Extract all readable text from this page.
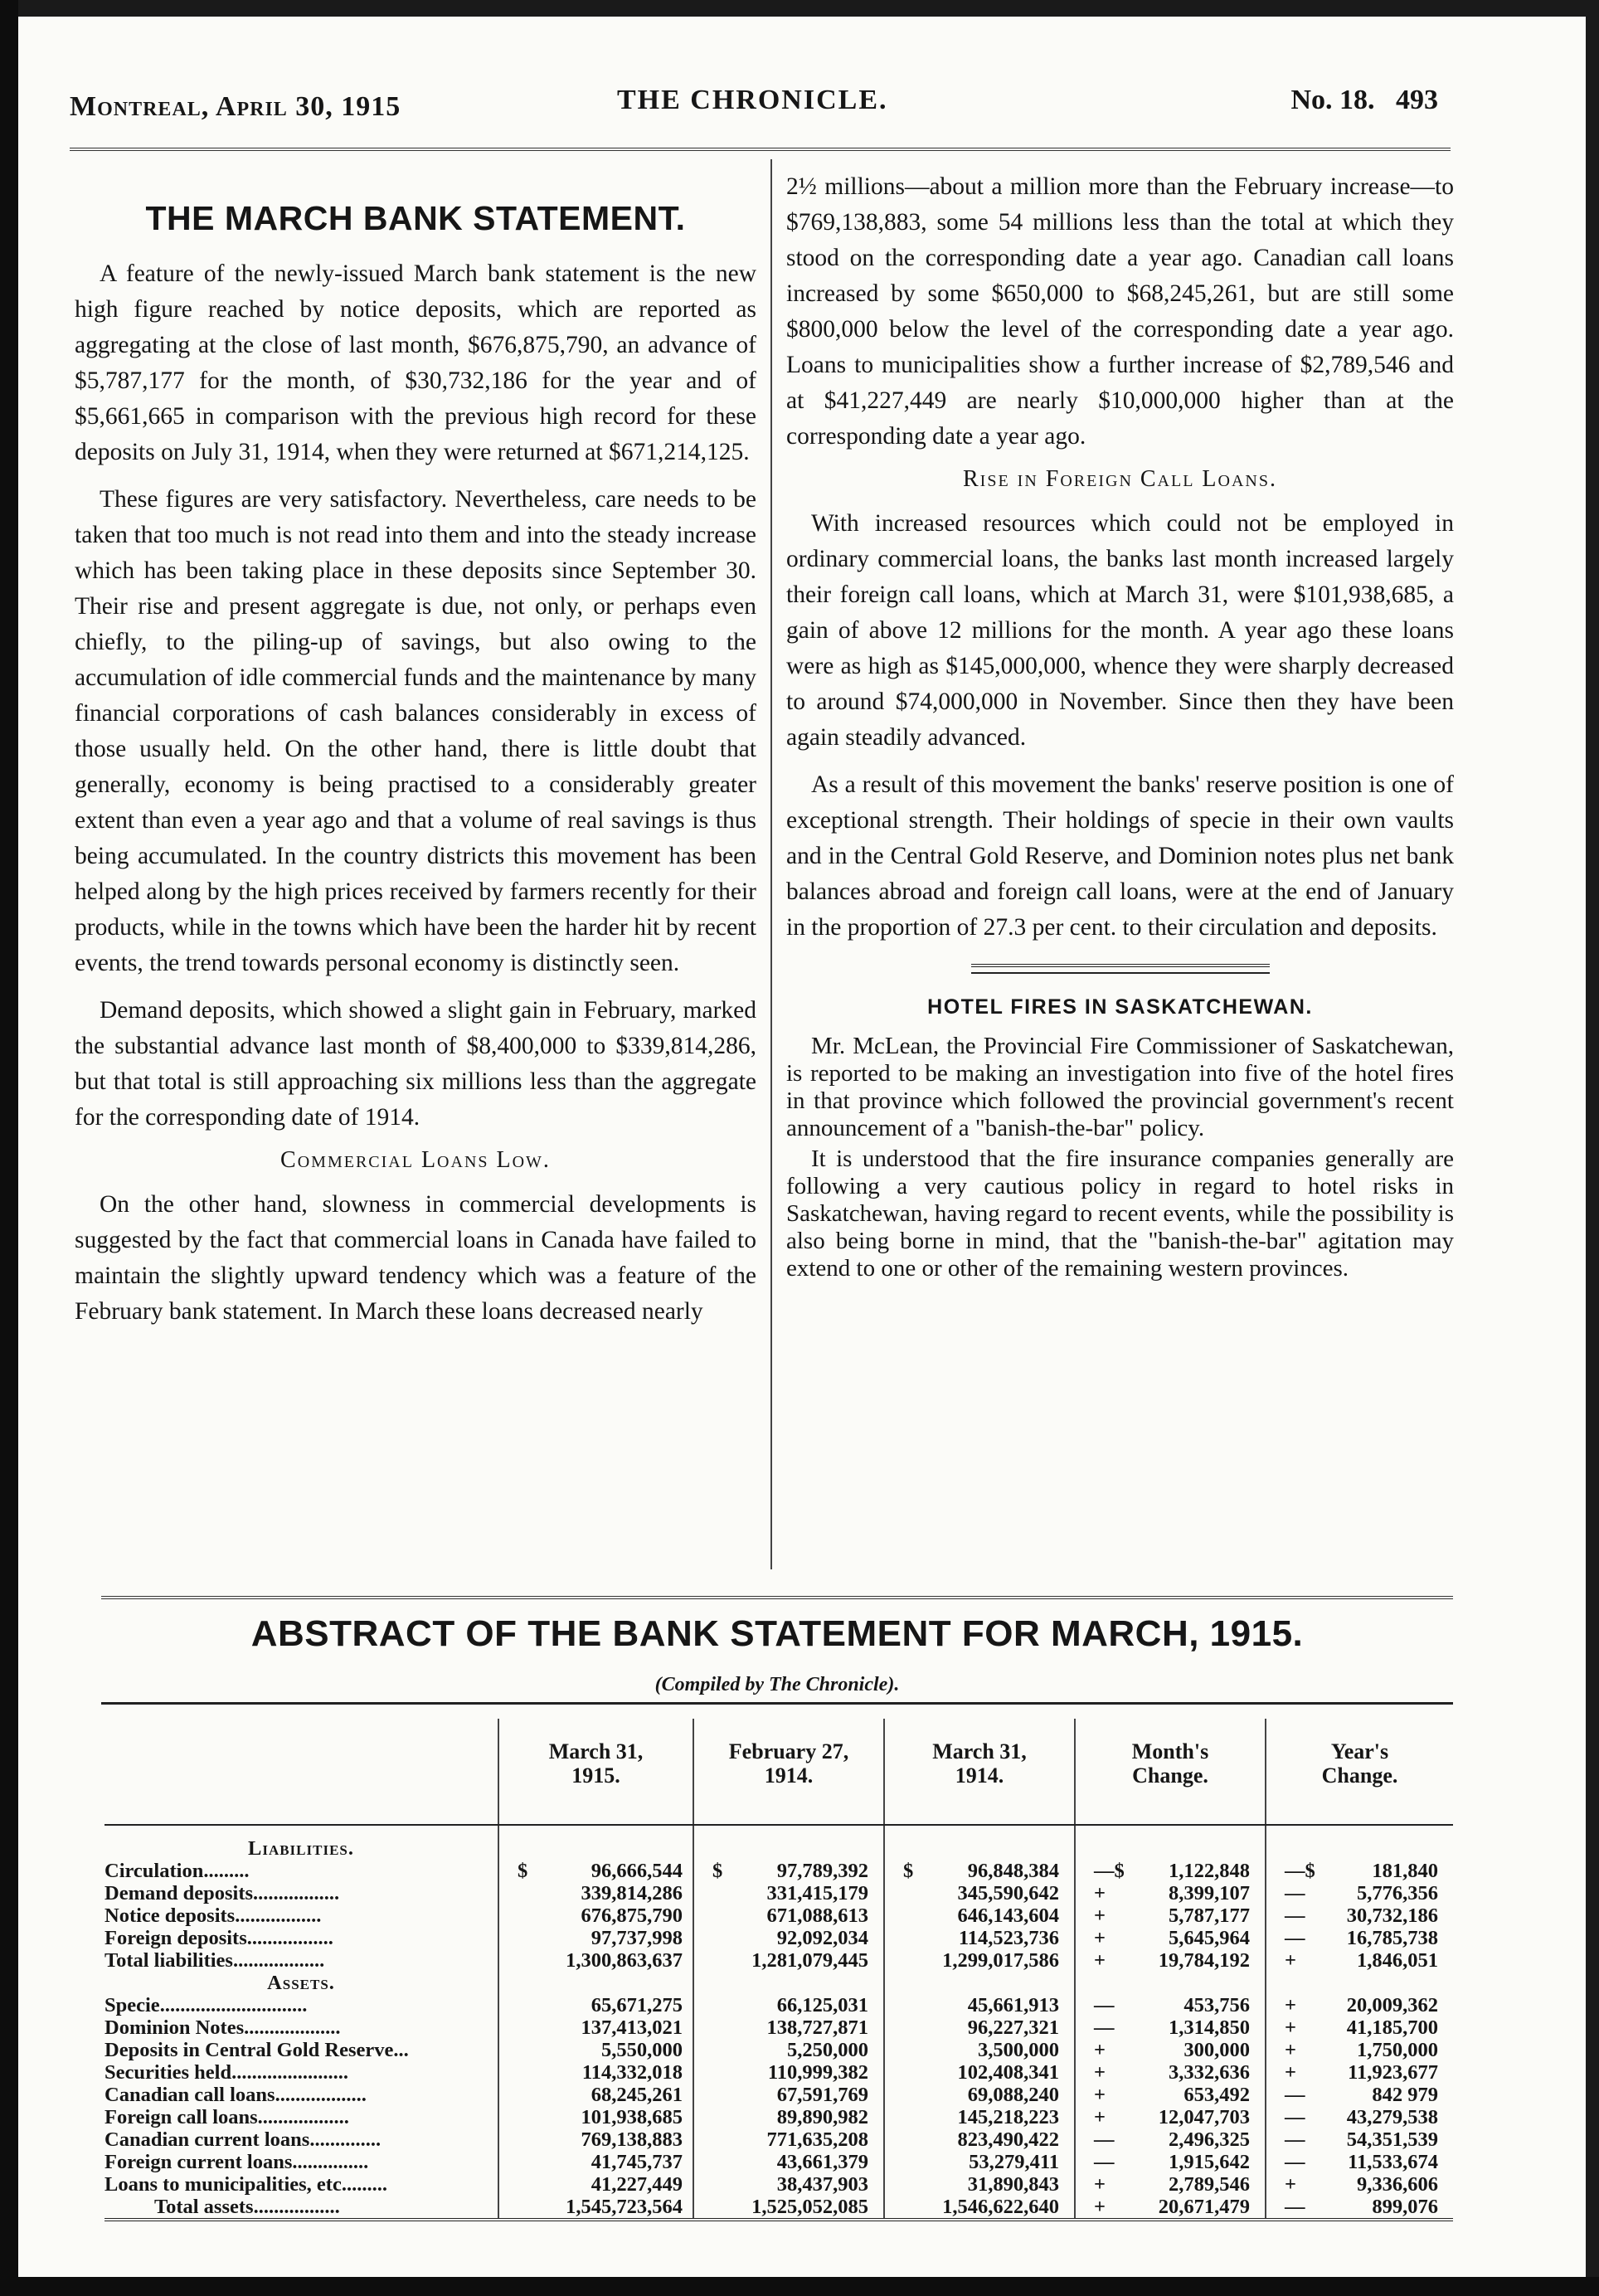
Montreal, April 30, 1915	THE CHRONICLE.	No. 18. 493
THE MARCH BANK STATEMENT.

A feature of the newly-issued March bank statement is the new high figure reached by notice deposits, which are reported as aggregating at the close of last month, $676,875,790, an advance of $5,787,177 for the month, of $30,732,186 for the year and of $5,661,665 in comparison with the previous high record for these deposits on July 31, 1914, when they were returned at $671,214,125.

These figures are very satisfactory. Nevertheless, care needs to be taken that too much is not read into them and into the steady increase which has been taking place in these deposits since September 30. Their rise and present aggregate is due, not only, or perhaps even chiefly, to the piling-up of savings, but also owing to the accumulation of idle commercial funds and the maintenance by many financial corporations of cash balances considerably in excess of those usually held. On the other hand, there is little doubt that generally, economy is being practised to a considerably greater extent than even a year ago and that a volume of real savings is thus being accumulated. In the country districts this movement has been helped along by the high prices received by farmers recently for their products, while in the towns which have been the harder hit by recent events, the trend towards personal economy is distinctly seen.

Demand deposits, which showed a slight gain in February, marked the substantial advance last month of $8,400,000 to $339,814,286, but that total is still approaching six millions less than the aggregate for the corresponding date of 1914.

Commercial Loans Low.

On the other hand, slowness in commercial developments is suggested by the fact that commercial loans in Canada have failed to maintain the slightly upward tendency which was a feature of the February bank statement. In March these loans decreased nearly

2½ millions—about a million more than the February increase—to $769,138,883, some 54 millions less than the total at which they stood on the corresponding date a year ago. Canadian call loans increased by some $650,000 to $68,245,261, but are still some $800,000 below the level of the corresponding date a year ago. Loans to municipalities show a further increase of $2,789,546 and at $41,227,449 are nearly $10,000,000 higher than at the corresponding date a year ago.

Rise in Foreign Call Loans.

With increased resources which could not be employed in ordinary commercial loans, the banks last month increased largely their foreign call loans, which at March 31, were $101,938,685, a gain of above 12 millions for the month. A year ago these loans were as high as $145,000,000, whence they were sharply decreased to around $74,000,000 in November. Since then they have been again steadily advanced.

As a result of this movement the banks' reserve position is one of exceptional strength. Their holdings of specie in their own vaults and in the Central Gold Reserve, and Dominion notes plus net bank balances abroad and foreign call loans, were at the end of January in the proportion of 27.3 per cent. to their circulation and deposits.

HOTEL FIRES IN SASKATCHEWAN.

Mr. McLean, the Provincial Fire Commissioner of Saskatchewan, is reported to be making an investigation into five of the hotel fires in that province which followed the provincial government's recent announcement of a "banish-the-bar" policy.

It is understood that the fire insurance companies generally are following a very cautious policy in regard to hotel risks in Saskatchewan, having regard to recent events, while the possibility is also being borne in mind, that the "banish-the-bar" agitation may extend to one or other of the remaining western provinces.

ABSTRACT OF THE BANK STATEMENT FOR MARCH, 1915.
(Compiled by The Chronicle).
	March 31,
1915.	February 27,
1914.	March 31,
1914.	Month's
Change.	Year's
Change.

Liabilities.					
Circulation.........	$ 96,666,544	$ 97,789,392	$ 96,848,384	—$ 1,122,848	—$ 181,840
Demand deposits.................	339,814,286	331,415,179	345,590,642	+ 8,399,107	— 5,776,356
Notice deposits.................	676,875,790	671,088,613	646,143,604	+ 5,787,177	— 30,732,186
Foreign deposits.................	97,737,998	92,092,034	114,523,736	+ 5,645,964	— 16,785,738
Total liabilities..................	1,300,863,637	1,281,079,445	1,299,017,586	+ 19,784,192	+ 1,846,051
Assets.					
Specie.............................	65,671,275	66,125,031	45,661,913	— 453,756	+ 20,009,362
Dominion Notes...................	137,413,021	138,727,871	96,227,321	— 1,314,850	+ 41,185,700
Deposits in Central Gold Reserve...	5,550,000	5,250,000	3,500,000	+ 300,000	+ 1,750,000
Securities held.......................	114,332,018	110,999,382	102,408,341	+ 3,332,636	+ 11,923,677
Canadian call loans..................	68,245,261	67,591,769	69,088,240	+ 653,492	— 842 979
Foreign call loans..................	101,938,685	89,890,982	145,218,223	+ 12,047,703	— 43,279,538
Canadian current loans..............	769,138,883	771,635,208	823,490,422	— 2,496,325	— 54,351,539
Foreign current loans...............	41,745,737	43,661,379	53,279,411	— 1,915,642	— 11,533,674
Loans to municipalities, etc.........	41,227,449	38,437,903	31,890,843	+ 2,789,546	+ 9,336,606
Total assets.................	1,545,723,564	1,525,052,085	1,546,622,640	+ 20,671,479	— 899,076
